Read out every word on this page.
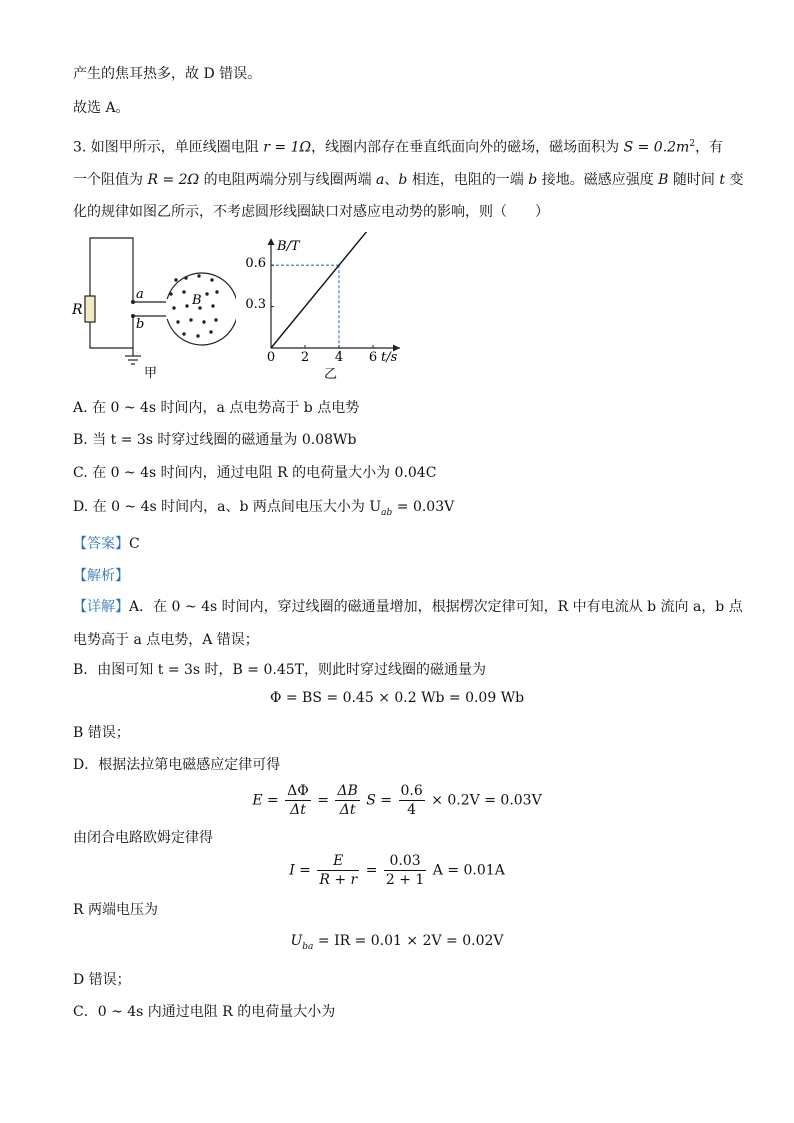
产生的焦耳热多，故 D 错误。
故选 A。
3. 如图甲所示，单匝线圈电阻 r = 1Ω，线圈内部存在垂直纸面向外的磁场，磁场面积为 $S = 0.2m^2$，有
一个阻值为 R = 2Ω 的电阻两端分别与线圈两端 a、b 相连，电阻的一端 b 接地。磁感应强度 B 随时间 t 变
化的规律如图乙所示，不考虑圆形线圈缺口对感应电动势的影响，则（　　）
R
a
b
B
甲
B/T
t/s
0.6
0.3
0 2 4 6
乙
A. 在 0 ~ 4s 时间内，a 点电势高于 b 点电势
B. 当 t = 3s 时穿过线圈的磁通量为 0.08Wb
C. 在 0 ~ 4s 时间内，通过电阻 R 的电荷量大小为 0.04C
D. 在 0 ~ 4s 时间内，a、b 两点间电压大小为 $U_{ab} = 0.03V$
【答案】C
【解析】
【详解】A．在 0 ~ 4s 时间内，穿过线圈的磁通量增加，根据楞次定律可知，R 中有电流从 b 流向 a，b 点
电势高于 a 点电势，A 错误；
B．由图可知 t = 3s 时，B = 0.45T，则此时穿过线圈的磁通量为
Φ = BS = 0.45 × 0.2 Wb = 0.09 Wb
B 错误；
D．根据法拉第电磁感应定律可得
$E = \frac{\Delta\Phi}{\Delta t} = \frac{\Delta B}{\Delta t}$ $S = \frac{0.6}{4} \times 0.2V = 0.03V$
由闭合电路欧姆定律得
$I = \frac{E}{R + r} = \frac{0.03}{2 + 1}$ A = 0.01A
R 两端电压为
$U_{ba}$ = IR = 0.01 × 2V = 0.02V
D 错误；
C．0 ~ 4s 内通过电阻 R 的电荷量大小为
